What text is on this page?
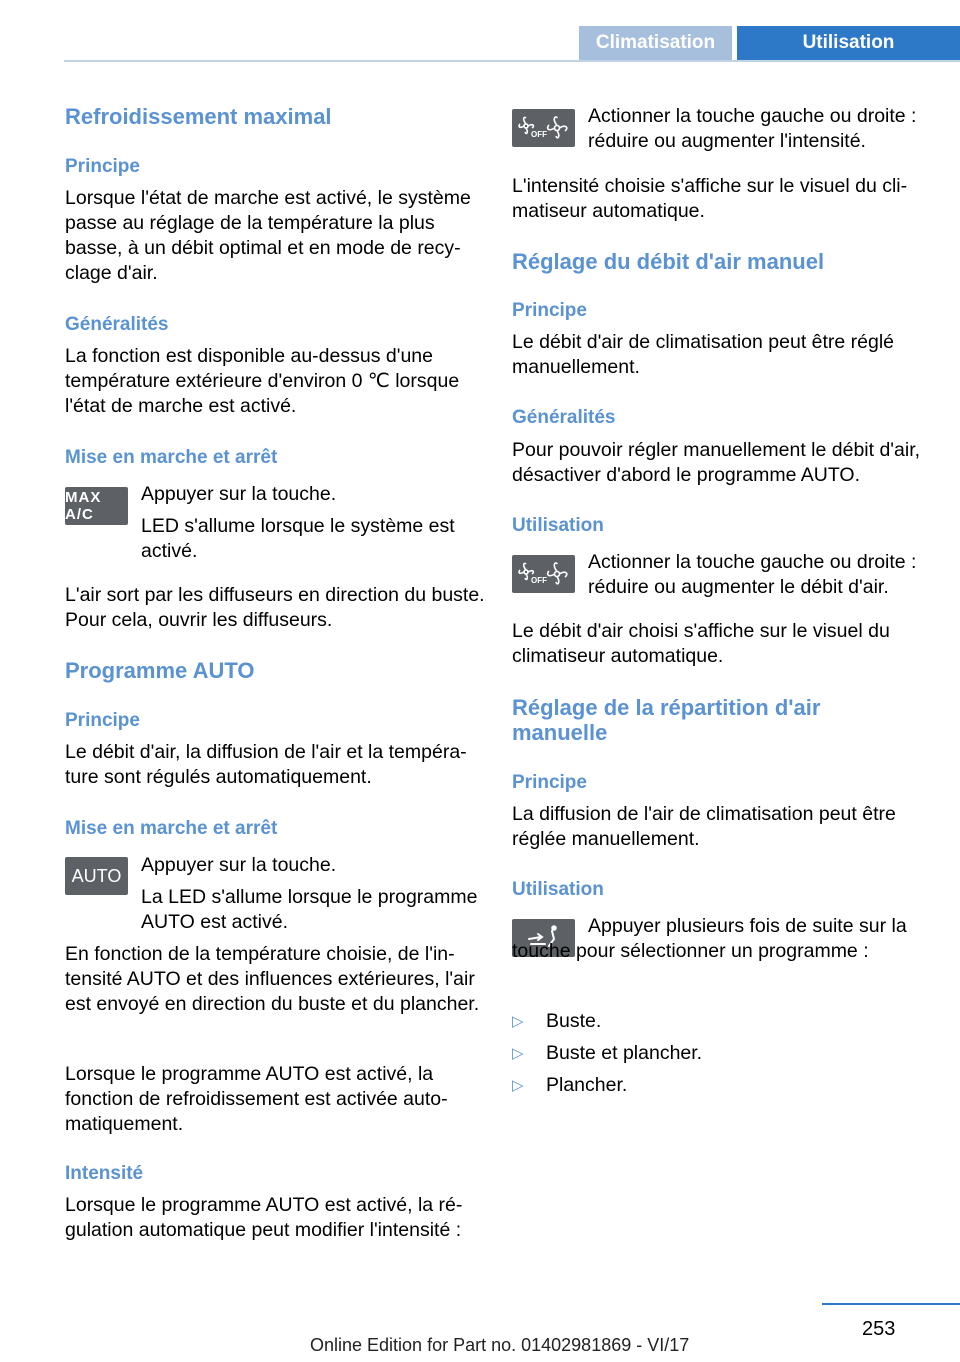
Climatisation	Utilisation
Refroidissement maximal
Principe

Lorsque l'état de marche est activé, le système passe au réglage de la température la plus basse, à un débit optimal et en mode de recyclage d'air.

Généralités

La fonction est disponible au-dessus d'une température extérieure d'environ 0 ℃ lorsque l'état de marche est activé.

Mise en marche et arrêt
MAX A/C

Appuyer sur la touche.

LED s'allume lorsque le système est activé.

L'air sort par les diffuseurs en direction du buste. Pour cela, ouvrir les diffuseurs.

Programme AUTO
Principe

Le débit d'air, la diffusion de l'air et la température sont régulés automatiquement.

Mise en marche et arrêt
AUTO Appuyer sur la touche.

La LED s'allume lorsque le programme AUTO est activé.

En fonction de la température choisie, de l'intensité AUTO et des influences extérieures, l'air est envoyé en direction du buste et du plancher.

Lorsque le programme AUTO est activé, la fonction de refroidissement est activée automatiquement.

Intensité

Lorsque le programme AUTO est activé, la régulation automatique peut modifier l'intensité :

OFF

Actionner la touche gauche ou droite : réduire ou augmenter l'intensité.

L'intensité choisie s'affiche sur le visuel du climatiseur automatique.

Réglage du débit d'air manuel
Principe

Le débit d'air de climatisation peut être réglé manuellement.

Généralités

Pour pouvoir régler manuellement le débit d'air, désactiver d'abord le programme AUTO.

Utilisation
OFF

Actionner la touche gauche ou droite : réduire ou augmenter le débit d'air.

Le débit d'air choisi s'affiche sur le visuel du climatiseur automatique.

Réglage de la répartition d'air manuelle
Principe

La diffusion de l'air de climatisation peut être réglée manuellement.

Utilisation

Appuyer plusieurs fois de suite sur la touche pour sélectionner un programme :

▷ Buste.
▷ Buste et plancher.
▷ Plancher.
253
Online Edition for Part no. 01402981869 - VI/17
